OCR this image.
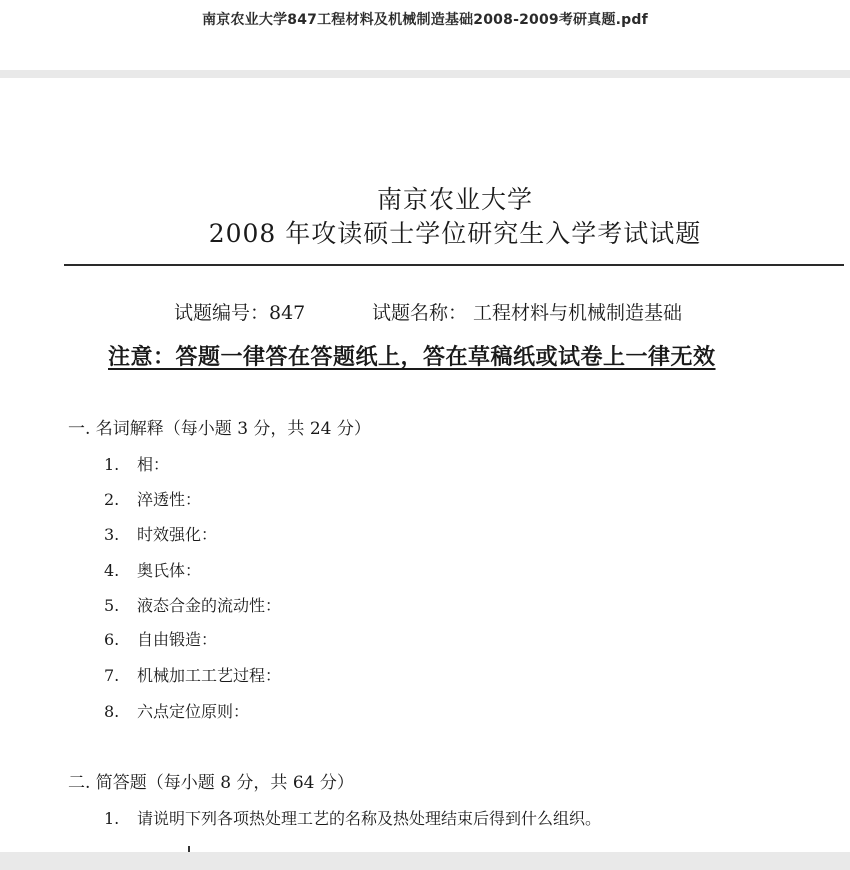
南京农业大学847工程材料及机械制造基础2008-2009考研真题.pdf
南京农业大学
2008 年攻读硕士学位研究生入学考试试题
试题编号：847	试题名称： 工程材料与机械制造基础
注意：答题一律答在答题纸上，答在草稿纸或试卷上一律无效
一. 名词解释（每小题 3 分，共 24 分）
1. 相：
2. 淬透性：
3. 时效强化：
4. 奥氏体：
5. 液态合金的流动性：
6. 自由锻造：
7. 机械加工工艺过程：
8. 六点定位原则：
二. 简答题（每小题 8 分，共 64 分）
1. 请说明下列各项热处理工艺的名称及热处理结束后得到什么组织。
